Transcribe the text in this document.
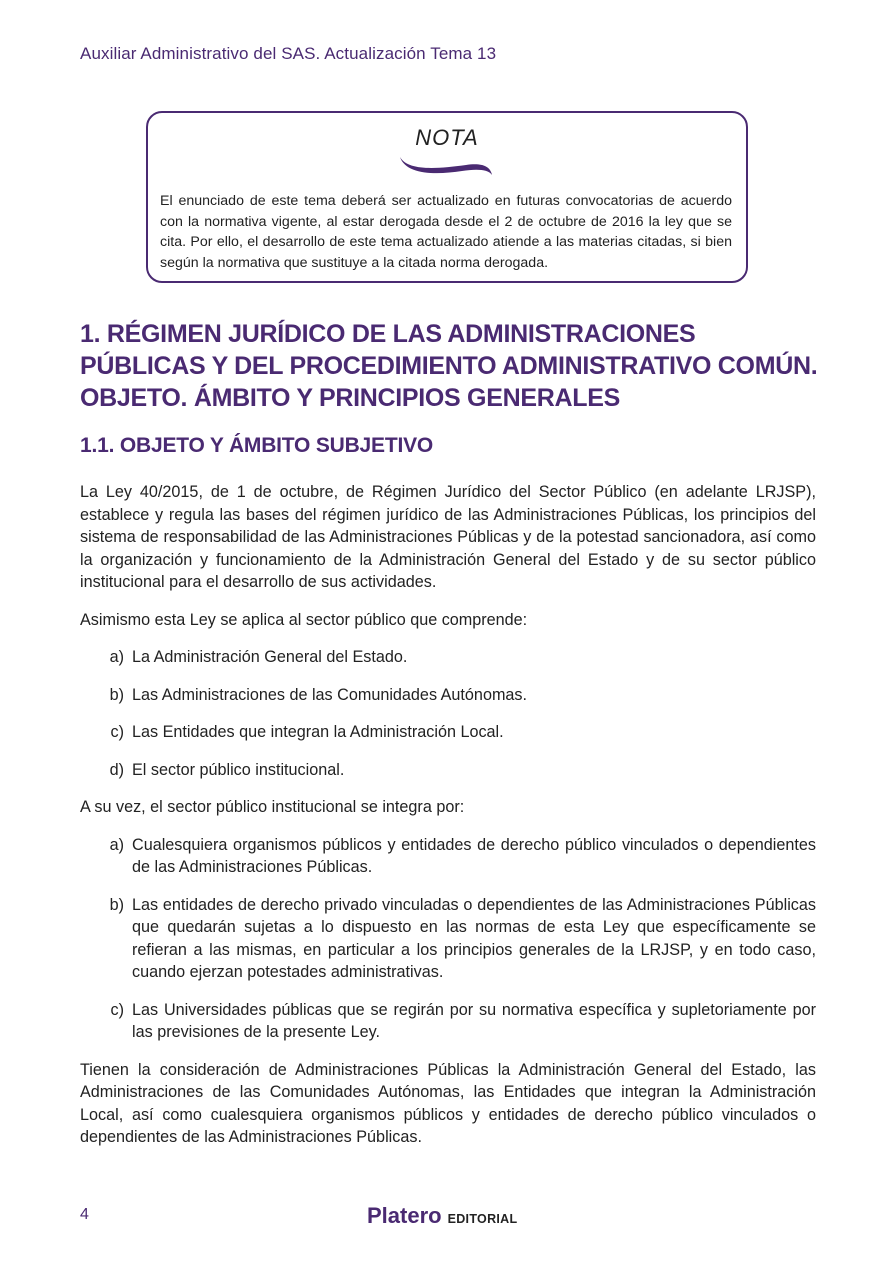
Auxiliar Administrativo del SAS. Actualización Tema 13
NOTA
El enunciado de este tema deberá ser actualizado en futuras convocatorias de acuerdo con la normativa vigente, al estar derogada desde el 2 de octubre de 2016 la ley que se cita. Por ello, el desarrollo de este tema actualizado atiende a las materias citadas, si bien según la normativa que sustituye a la citada norma derogada.
1. RÉGIMEN JURÍDICO DE LAS ADMINISTRACIONES PÚBLICAS Y DEL PROCEDIMIENTO ADMINISTRATIVO COMÚN. OBJETO. ÁMBITO Y PRINCIPIOS GENERALES
1.1. OBJETO Y ÁMBITO SUBJETIVO

La Ley 40/2015, de 1 de octubre, de Régimen Jurídico del Sector Público (en adelante LRJSP), establece y regula las bases del régimen jurídico de las Administraciones Públicas, los principios del sistema de responsabilidad de las Administraciones Públicas y de la potestad sancionadora, así como la organización y funcionamiento de la Administración General del Estado y de su sector público institucional para el desarrollo de sus actividades.

Asimismo esta Ley se aplica al sector público que comprende:

a) La Administración General del Estado.
b) Las Administraciones de las Comunidades Autónomas.
c) Las Entidades que integran la Administración Local.
d) El sector público institucional.

A su vez, el sector público institucional se integra por:

a) Cualesquiera organismos públicos y entidades de derecho público vinculados o dependientes de las Administraciones Públicas.
b) Las entidades de derecho privado vinculadas o dependientes de las Administraciones Públicas que quedarán sujetas a lo dispuesto en las normas de esta Ley que específicamente se refieran a las mismas, en particular a los principios generales de la LRJSP, y en todo caso, cuando ejerzan potestades administrativas.
c) Las Universidades públicas que se regirán por su normativa específica y supletoriamente por las previsiones de la presente Ley.

Tienen la consideración de Administraciones Públicas la Administración General del Estado, las Administraciones de las Comunidades Autónomas, las Entidades que integran la Administración Local, así como cualesquiera organismos públicos y entidades de derecho público vinculados o dependientes de las Administraciones Públicas.

4	Platero EDITORIAL
